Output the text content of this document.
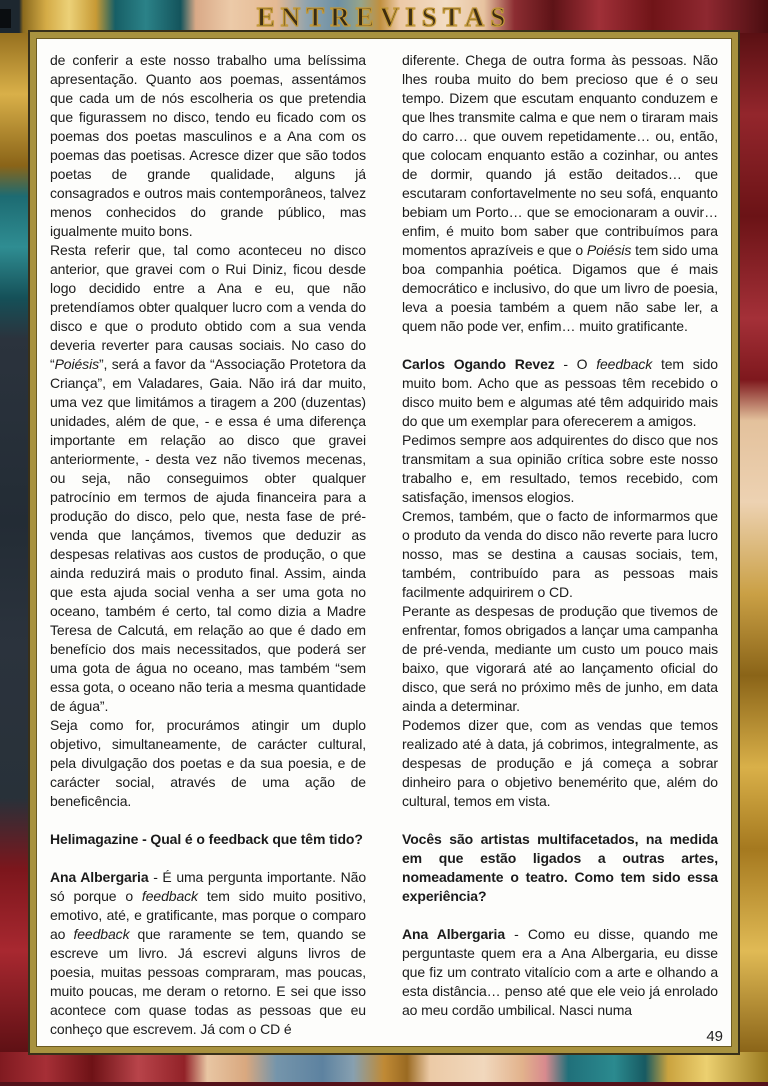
ENTREVISTAS

de conferir a este nosso trabalho uma belíssima apresentação. Quanto aos poemas, assentámos que cada um de nós escolheria os que pretendia que figurassem no disco, tendo eu ficado com os poemas dos poetas masculinos e a Ana com os poemas das poetisas. Acresce dizer que são todos poetas de grande qualidade, alguns já consagrados e outros mais contemporâneos, talvez menos conhecidos do grande público, mas igualmente muito bons.

Resta referir que, tal como aconteceu no disco anterior, que gravei com o Rui Diniz, ficou desde logo decidido entre a Ana e eu, que não pretendíamos obter qualquer lucro com a venda do disco e que o produto obtido com a sua venda deveria reverter para causas sociais. No caso do “Poiésis”, será a favor da “Associação Protetora da Criança”, em Valadares, Gaia. Não irá dar muito, uma vez que limitámos a tiragem a 200 (duzentas) unidades, além de que, - e essa é uma diferença importante em relação ao disco que gravei anteriormente, - desta vez não tivemos mecenas, ou seja, não conseguimos obter qualquer patrocínio em termos de ajuda financeira para a produção do disco, pelo que, nesta fase de pré-venda que lançámos, tivemos que deduzir as despesas relativas aos custos de produção, o que ainda reduzirá mais o produto final. Assim, ainda que esta ajuda social venha a ser uma gota no oceano, também é certo, tal como dizia a Madre Teresa de Calcutá, em relação ao que é dado em benefício dos mais necessitados, que poderá ser uma gota de água no oceano, mas também “sem essa gota, o oceano não teria a mesma quantidade de água”.

Seja como for, procurámos atingir um duplo objetivo, simultaneamente, de carácter cultural, pela divulgação dos poetas e da sua poesia, e de carácter social, através de uma ação de beneficência.

Helimagazine - Qual é o feedback que têm tido?

Ana Albergaria - É uma pergunta importante. Não só porque o feedback tem sido muito positivo, emotivo, até, e gratificante, mas porque o comparo ao feedback que raramente se tem, quando se escreve um livro. Já escrevi alguns livros de poesia, muitas pessoas compraram, mas poucas, muito poucas, me deram o retorno. E sei que isso acontece com quase todas as pessoas que eu conheço que escrevem. Já com o CD é

diferente. Chega de outra forma às pessoas. Não lhes rouba muito do bem precioso que é o seu tempo. Dizem que escutam enquanto conduzem e que lhes transmite calma e que nem o tiraram mais do carro… que ouvem repetidamente… ou, então, que colocam enquanto estão a cozinhar, ou antes de dormir, quando já estão deitados… que escutaram confortavelmente no seu sofá, enquanto bebiam um Porto… que se emocionaram a ouvir… enfim, é muito bom saber que contribuímos para momentos aprazíveis e que o Poiésis tem sido uma boa companhia poética. Digamos que é mais democrático e inclusivo, do que um livro de poesia, leva a poesia também a quem não sabe ler, a quem não pode ver, enfim… muito gratificante.

Carlos Ogando Revez - O feedback tem sido muito bom. Acho que as pessoas têm recebido o disco muito bem e algumas até têm adquirido mais do que um exemplar para oferecerem a amigos.

Pedimos sempre aos adquirentes do disco que nos transmitam a sua opinião crítica sobre este nosso trabalho e, em resultado, temos recebido, com satisfação, imensos elogios.

Cremos, também, que o facto de informarmos que o produto da venda do disco não reverte para lucro nosso, mas se destina a causas sociais, tem, também, contribuído para as pessoas mais facilmente adquirirem o CD.

Perante as despesas de produção que tivemos de enfrentar, fomos obrigados a lançar uma campanha de pré-venda, mediante um custo um pouco mais baixo, que vigorará até ao lançamento oficial do disco, que será no próximo mês de junho, em data ainda a determinar.

Podemos dizer que, com as vendas que temos realizado até à data, já cobrimos, integralmente, as despesas de produção e já começa a sobrar dinheiro para o objetivo benemérito que, além do cultural, temos em vista.

Vocês são artistas multifacetados, na medida em que estão ligados a outras artes, nomeadamente o teatro. Como tem sido essa experiência?

Ana Albergaria - Como eu disse, quando me perguntaste quem era a Ana Albergaria, eu disse que fiz um contrato vitalício com a arte e olhando a esta distância… penso até que ele veio já enrolado ao meu cordão umbilical. Nasci numa

49
